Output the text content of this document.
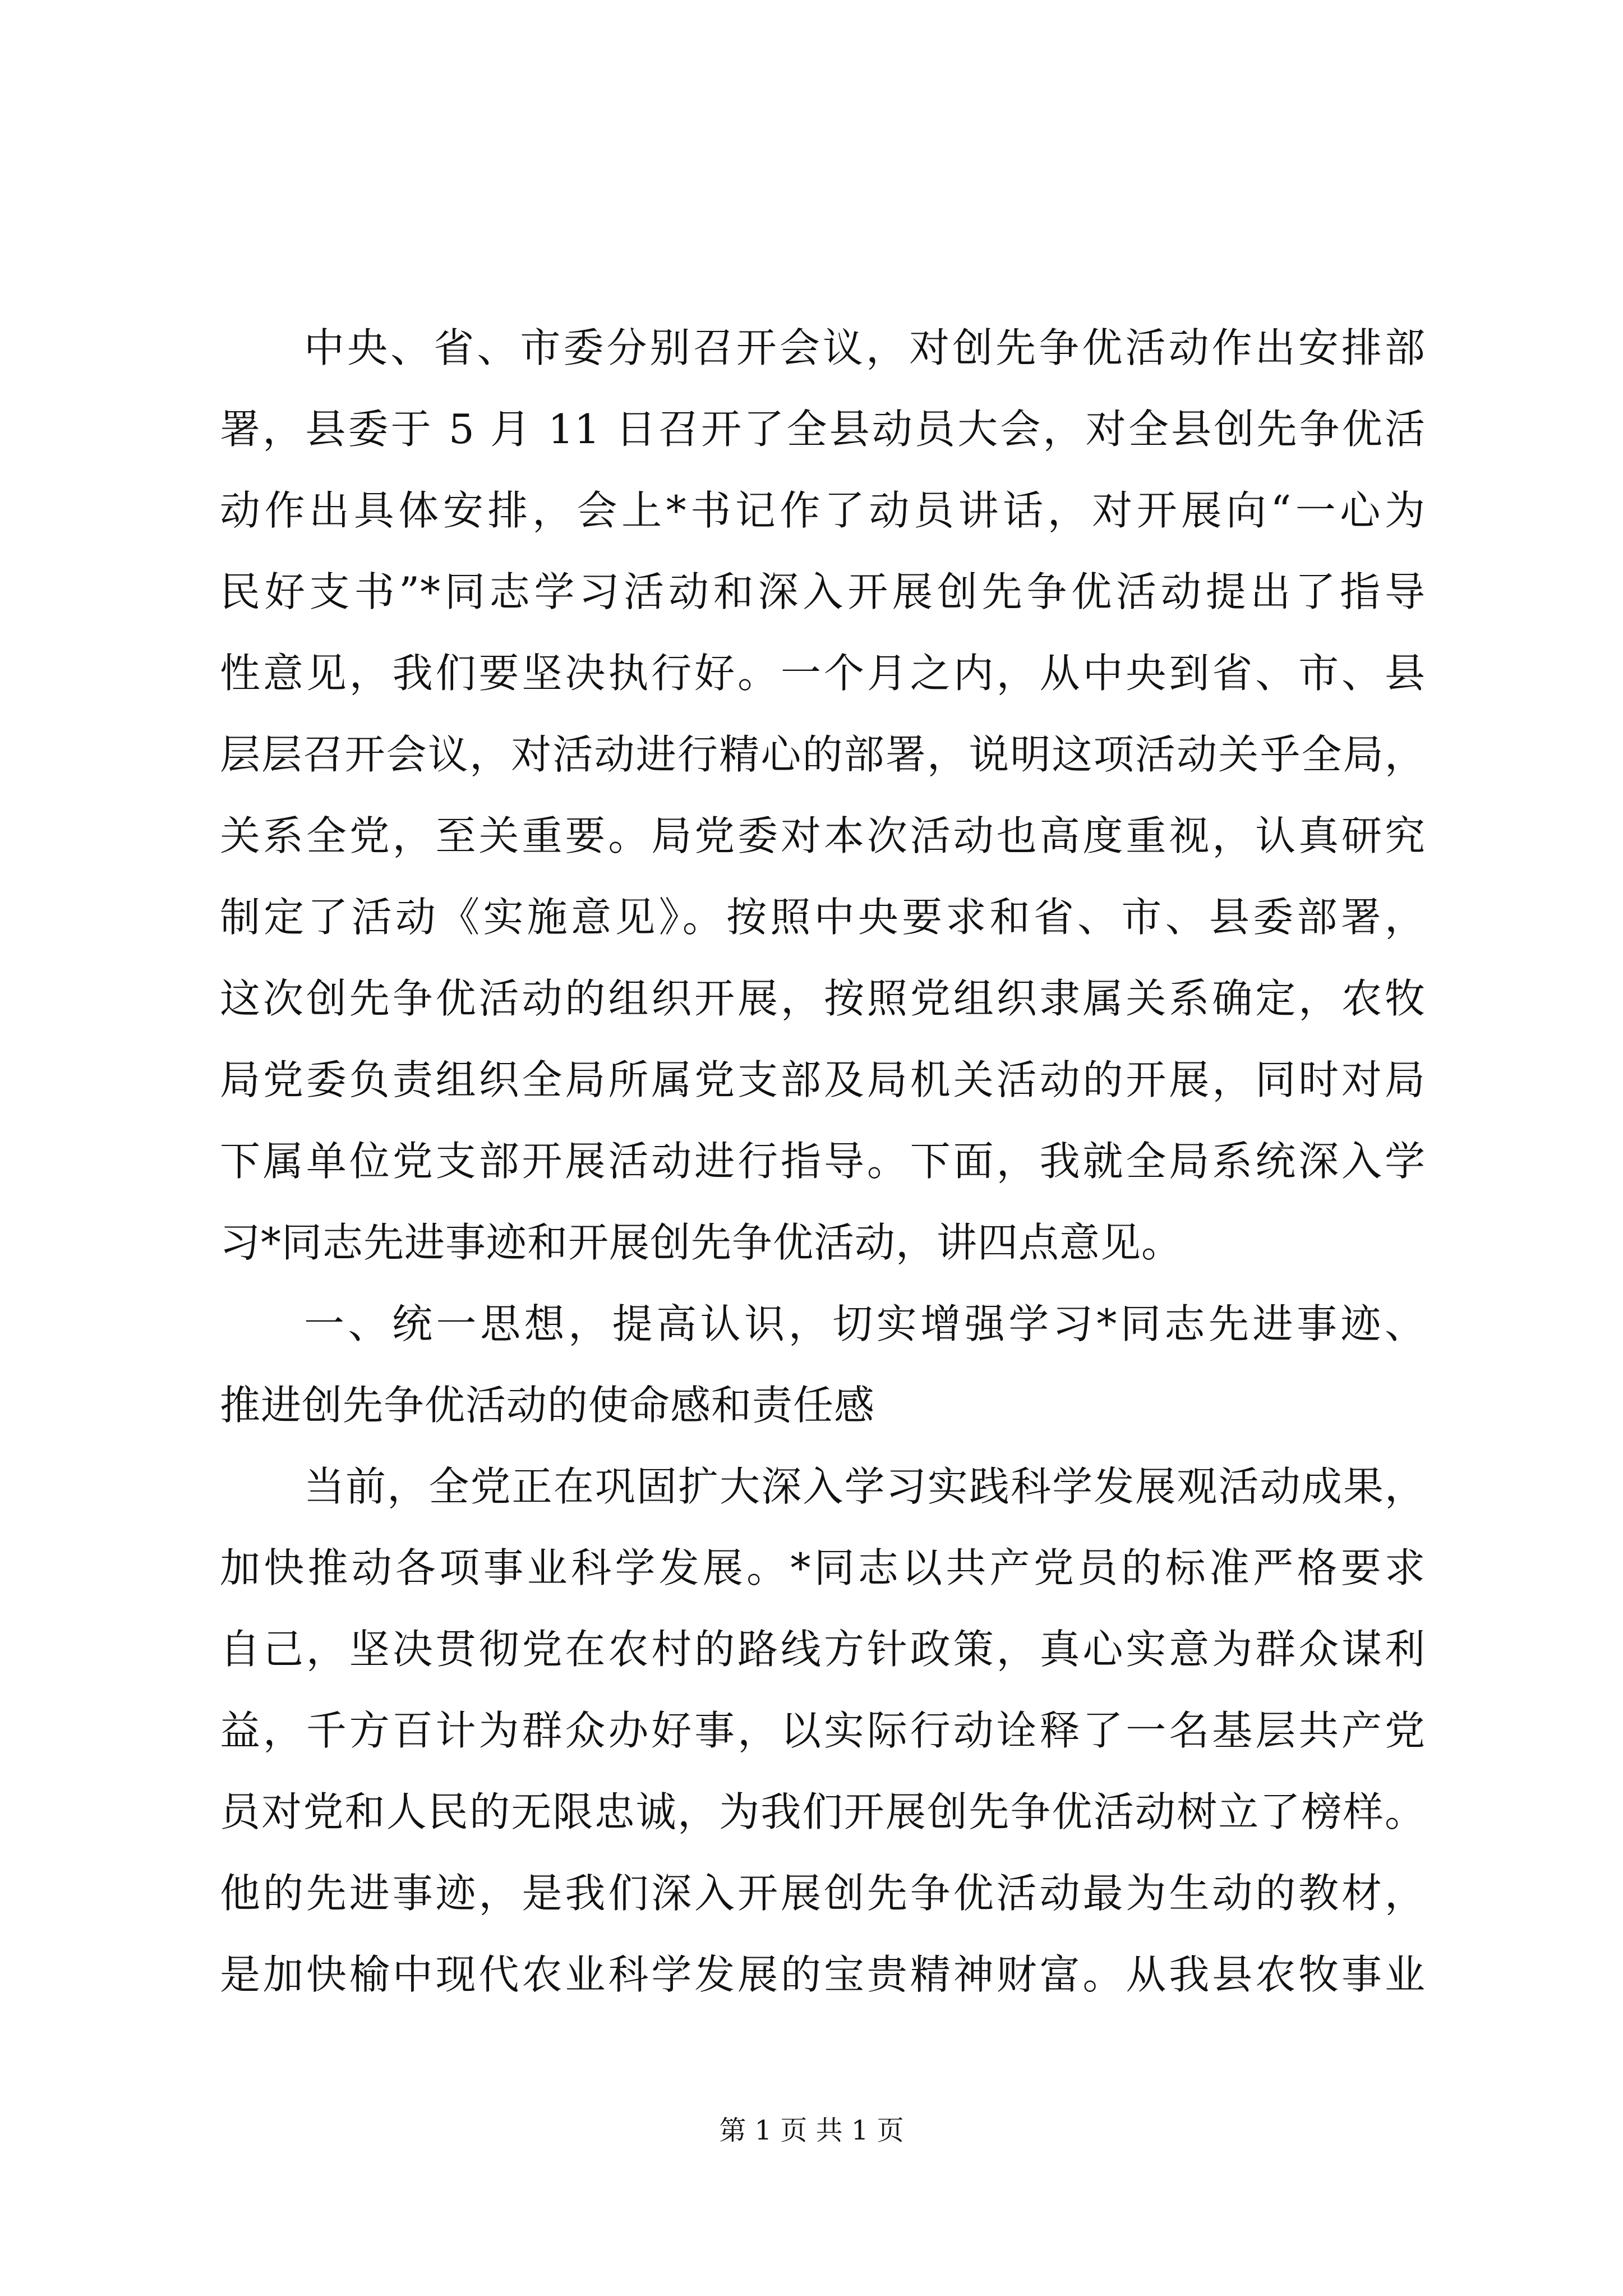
中央、省、市委分别召开会议，对创先争优活动作出安排部
署，县委于 5 月 11 日召开了全县动员大会，对全县创先争优活
动作出具体安排，会上*书记作了动员讲话，对开展向“一心为
民好支书”*同志学习活动和深入开展创先争优活动提出了指导
性意见，我们要坚决执行好。一个月之内，从中央到省、市、县
层层召开会议，对活动进行精心的部署，说明这项活动关乎全局，
关系全党，至关重要。局党委对本次活动也高度重视，认真研究
制定了活动《实施意见》。按照中央要求和省、市、县委部署，
这次创先争优活动的组织开展，按照党组织隶属关系确定，农牧
局党委负责组织全局所属党支部及局机关活动的开展，同时对局
下属单位党支部开展活动进行指导。下面，我就全局系统深入学
习*同志先进事迹和开展创先争优活动，讲四点意见。
一、统一思想，提高认识，切实增强学习*同志先进事迹、
推进创先争优活动的使命感和责任感
当前，全党正在巩固扩大深入学习实践科学发展观活动成果，
加快推动各项事业科学发展。*同志以共产党员的标准严格要求
自己，坚决贯彻党在农村的路线方针政策，真心实意为群众谋利
益，千方百计为群众办好事，以实际行动诠释了一名基层共产党
员对党和人民的无限忠诚，为我们开展创先争优活动树立了榜样。
他的先进事迹，是我们深入开展创先争优活动最为生动的教材，
是加快榆中现代农业科学发展的宝贵精神财富。从我县农牧事业
第 1 页 共 1 页
